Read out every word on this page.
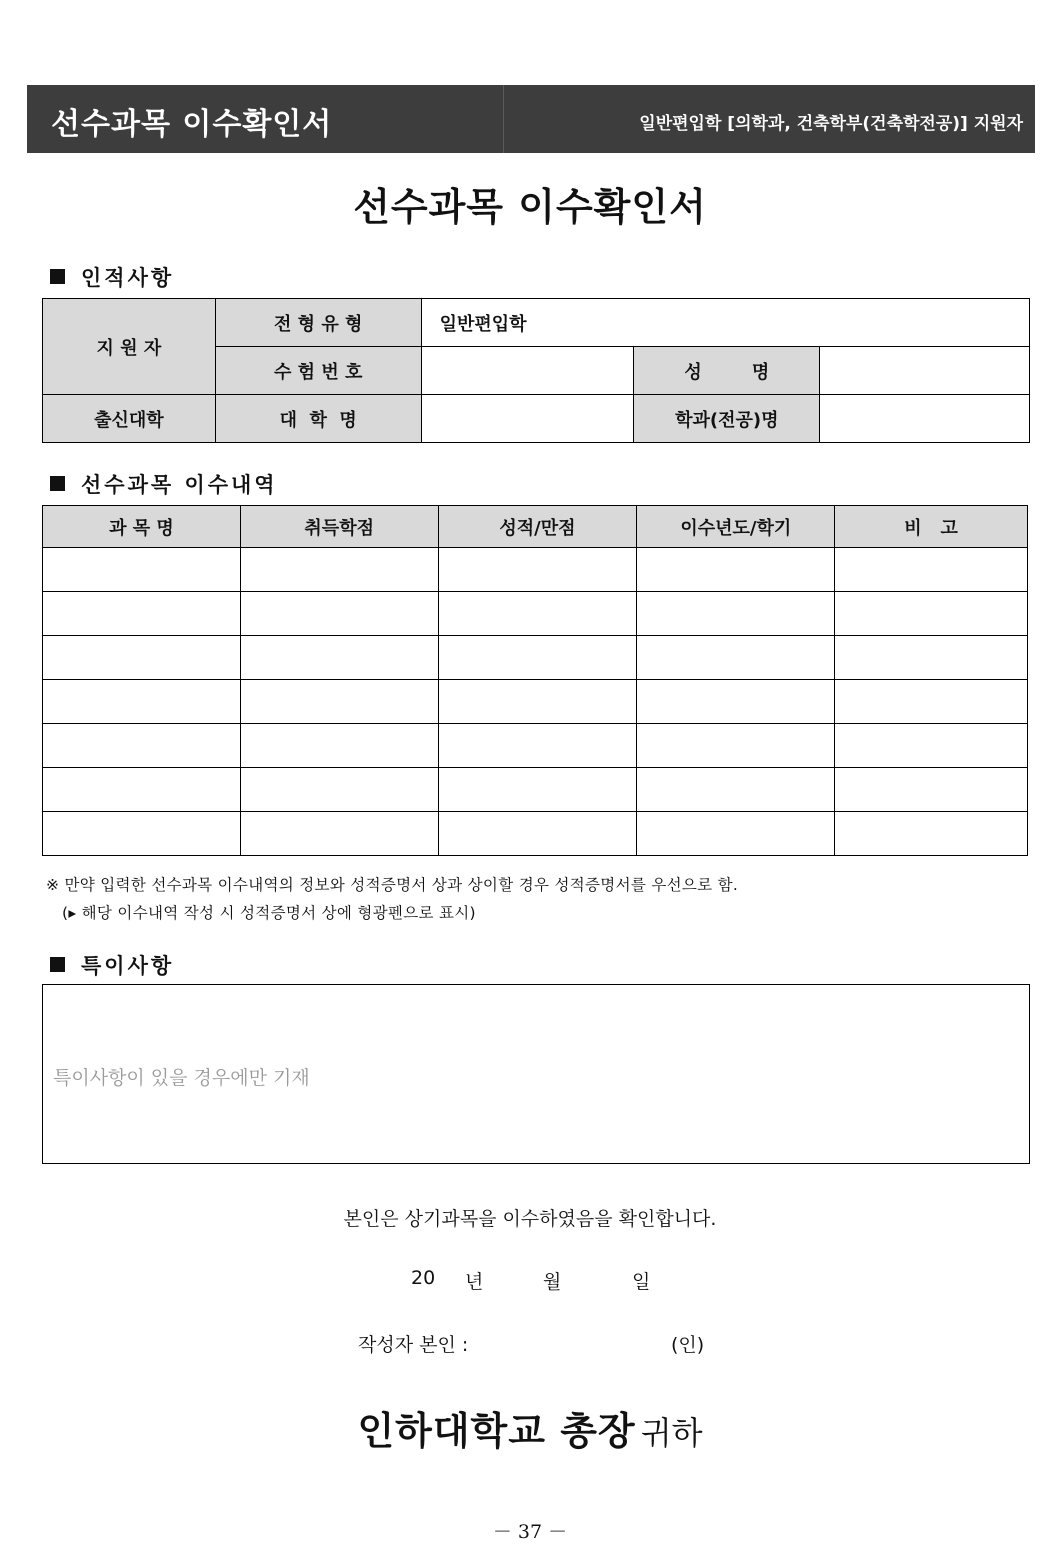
선수과목 이수확인서	일반편입학 [의학과, 건축학부(건축학전공)] 지원자
선수과목 이수확인서
인적사항
지 원 자	전 형 유 형	일반편입학		
	수 험 번 호		성        명	
출신대학	대  학  명		학과(전공)명	
선수과목 이수내역
과 목 명	취득학점	성적/만점	이수년도/학기	비   고

※ 만약 입력한 선수과목 이수내역의 정보와 성적증명서 상과 상이할 경우 성적증명서를 우선으로 함.
(▸ 해당 이수내역 작성 시 성적증명서 상에 형광펜으로 표시)
특이사항
특이사항이 있을 경우에만 기재
본인은 상기과목을 이수하였음을 확인합니다.
20 년	월	일
작성자 본인 :	(인)
인하대학교 총장 귀하
－ 37 －
